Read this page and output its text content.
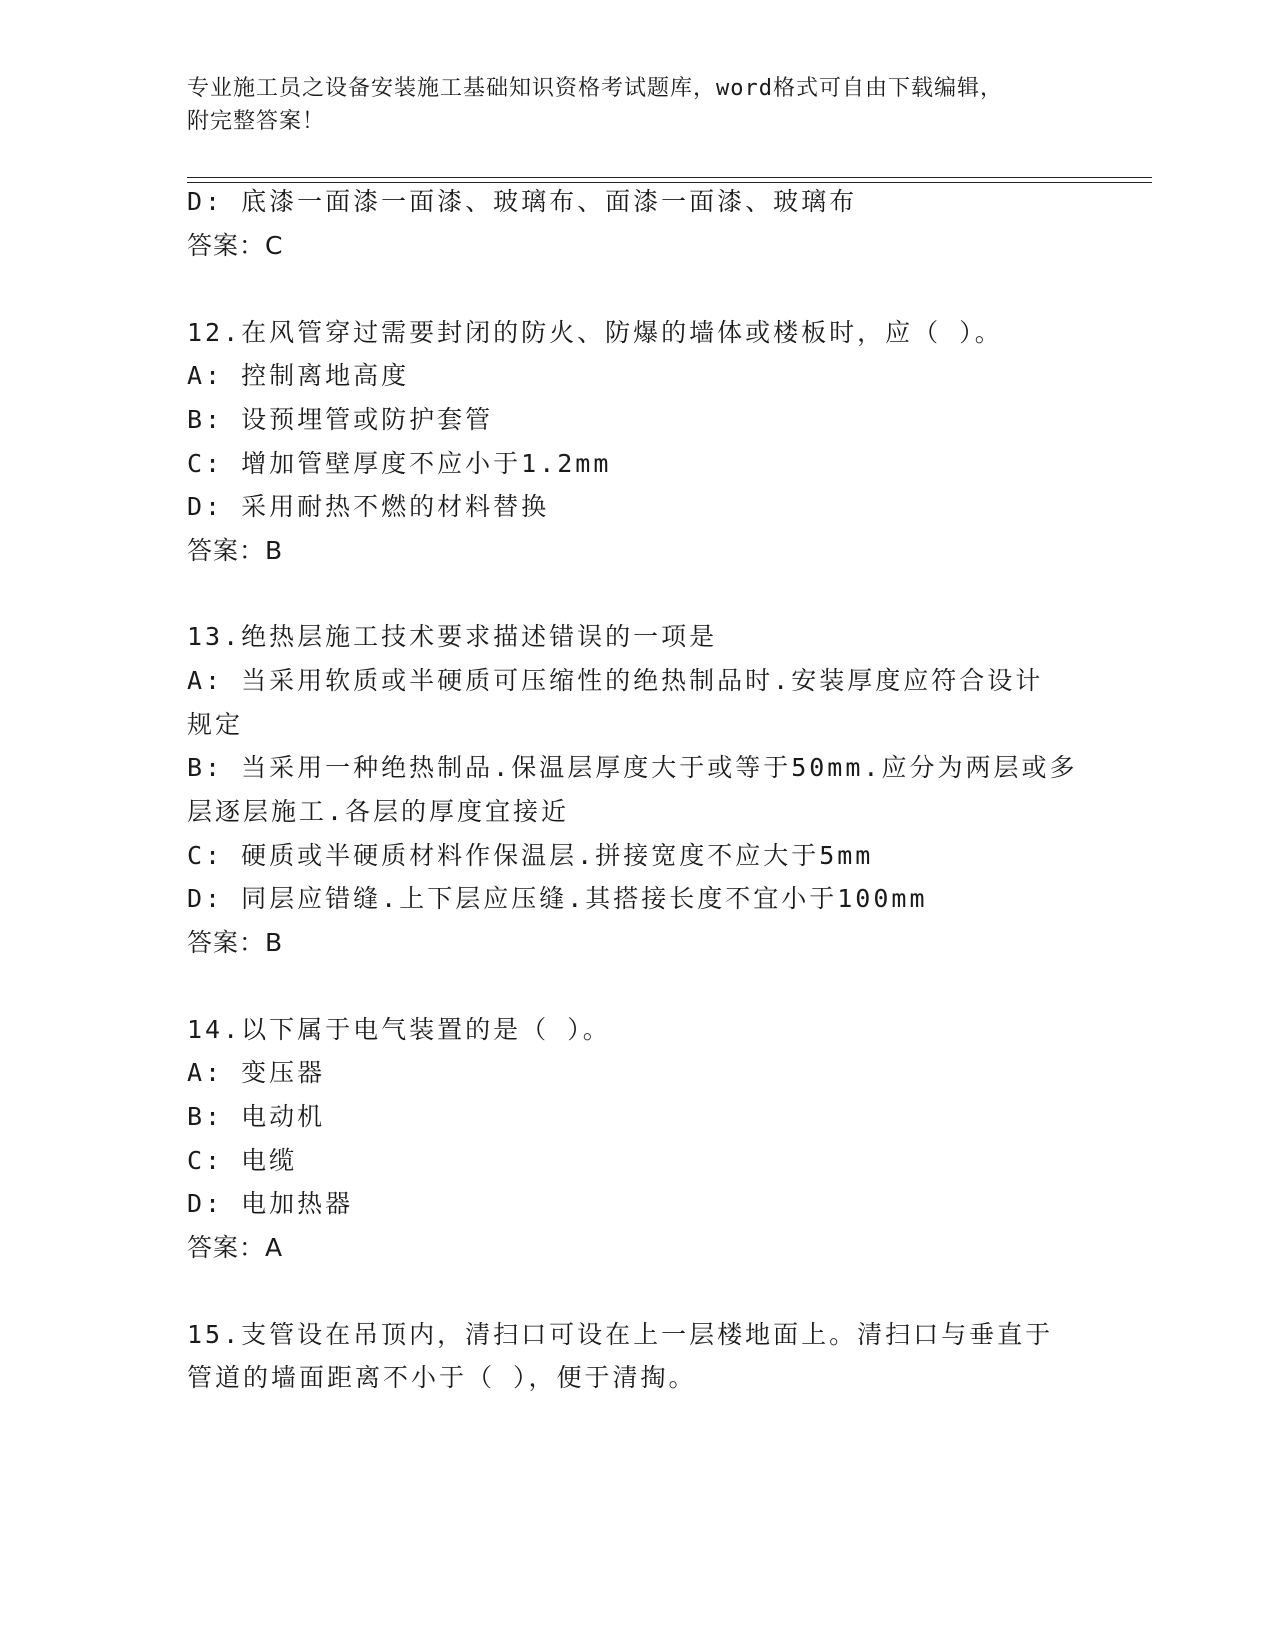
专业施工员之设备安装施工基础知识资格考试题库，word格式可自由下载编辑，
附完整答案！
D: 底漆一面漆一面漆、玻璃布、面漆一面漆、玻璃布
答案：C
12.在风管穿过需要封闭的防火、防爆的墙体或楼板时，应（ ）。
A: 控制离地高度
B: 设预埋管或防护套管
C: 增加管壁厚度不应小于1.2mm
D: 采用耐热不燃的材料替换
答案：B
13.绝热层施工技术要求描述错误的一项是
A: 当采用软质或半硬质可压缩性的绝热制品时.安装厚度应符合设计
规定
B: 当采用一种绝热制品.保温层厚度大于或等于50mm.应分为两层或多
层逐层施工.各层的厚度宜接近
C: 硬质或半硬质材料作保温层.拼接宽度不应大于5mm
D: 同层应错缝.上下层应压缝.其搭接长度不宜小于100mm
答案：B
14.以下属于电气装置的是（ ）。
A: 变压器
B: 电动机
C: 电缆
D: 电加热器
答案：A
15.支管设在吊顶内，清扫口可设在上一层楼地面上。清扫口与垂直于
管道的墙面距离不小于（ ），便于清掏。
